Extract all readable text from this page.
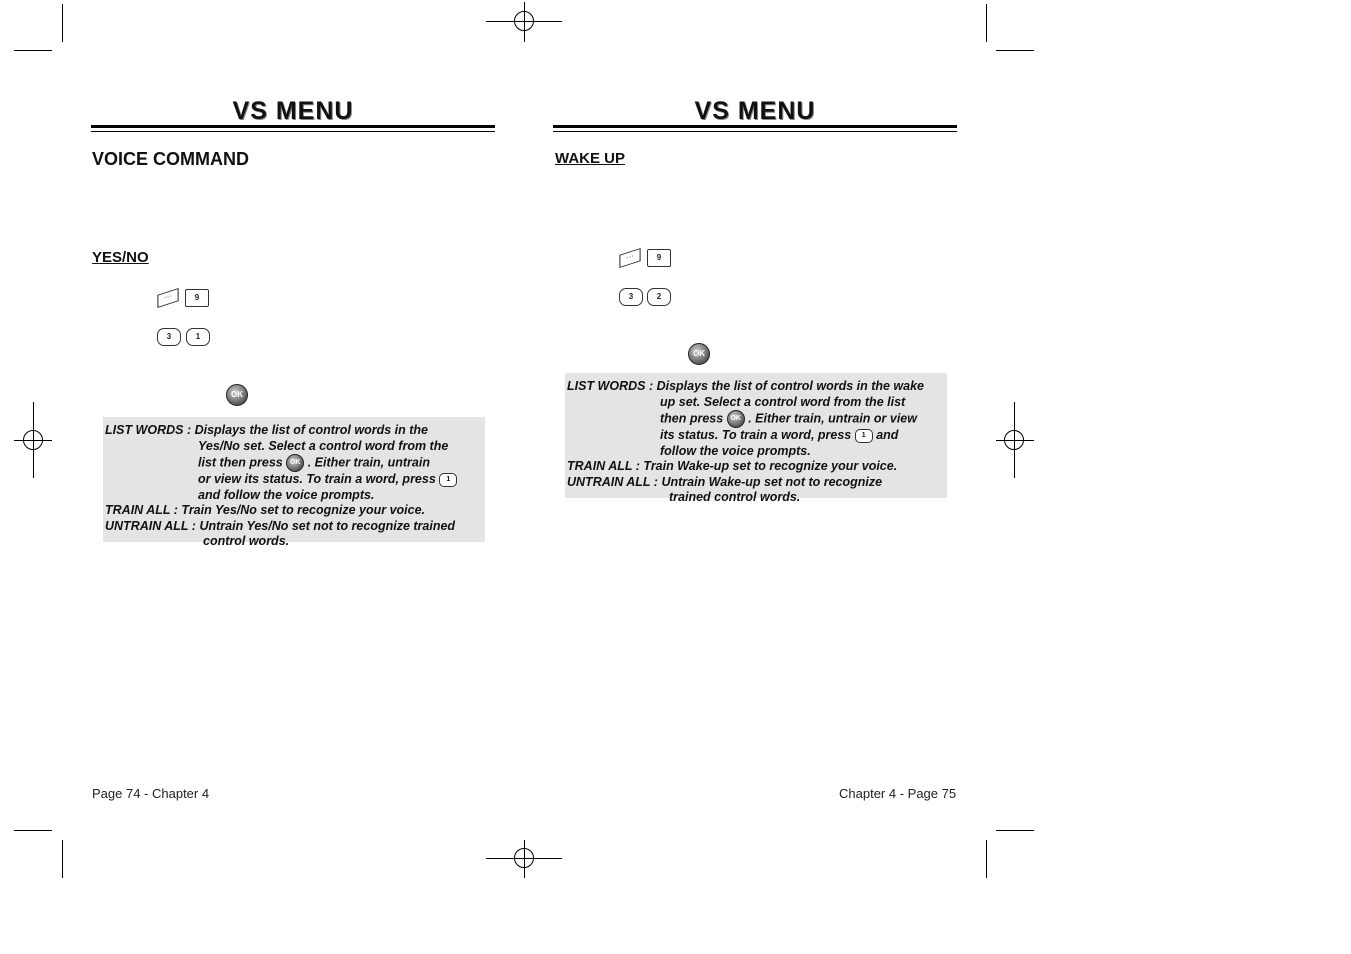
VS MENU
VOICE COMMAND
YES/NO
···	9
3	1
OK
LIST WORDS :
Displays the list of control words in the
Yes/No set. Select a control word from the
list then press OK . Either train, untrain
or view its status. To train a word, press 1
and follow the voice prompts.
TRAIN ALL :
Train Yes/No set to recognize your voice.
UNTRAIN ALL :
Untrain Yes/No set not to recognize trained
control words.
Page 74 - Chapter 4
VS MENU
WAKE UP
···	9
3	2
OK
LIST WORDS :
Displays the list of control words in the wake
up set. Select a control word from the list
then press OK . Either train, untrain or view
its status. To train a word, press 1 and
follow the voice prompts.
TRAIN ALL :
Train Wake-up set to recognize your voice.
UNTRAIN ALL :
Untrain Wake-up set not to recognize
trained control words.
Chapter 4 - Page 75
